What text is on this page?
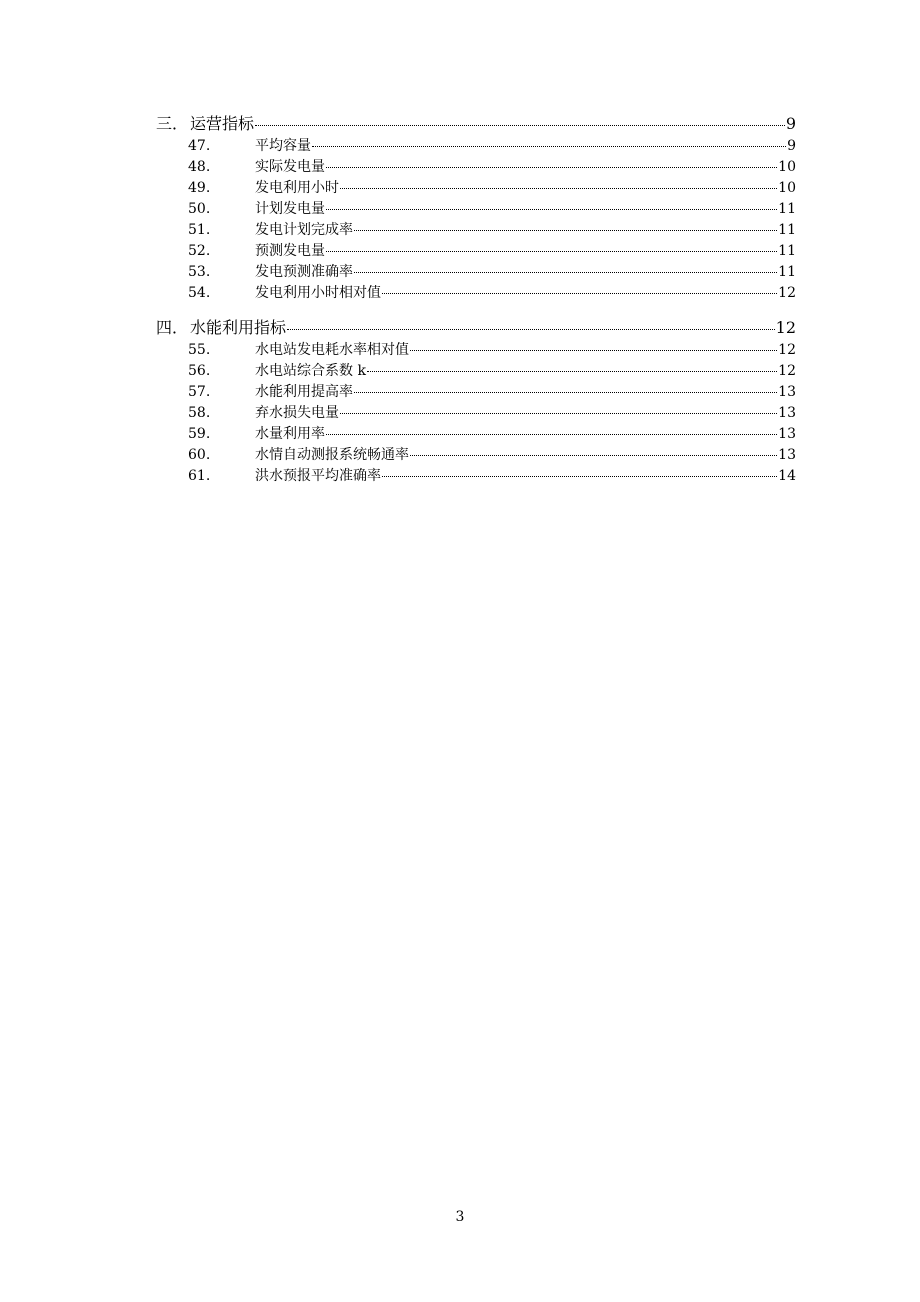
三． 运营指标	9
47.	平均容量	9
48.	实际发电量	10
49.	发电利用小时	10
50.	计划发电量	11
51.	发电计划完成率	11
52.	预测发电量	11
53.	发电预测准确率	11
54.	发电利用小时相对值	12
四． 水能利用指标	12
55.	水电站发电耗水率相对值	12
56.	水电站综合系数 k	12
57.	水能利用提高率	13
58.	弃水损失电量	13
59.	水量利用率	13
60.	水情自动测报系统畅通率	13
61.	洪水预报平均准确率	14
3
